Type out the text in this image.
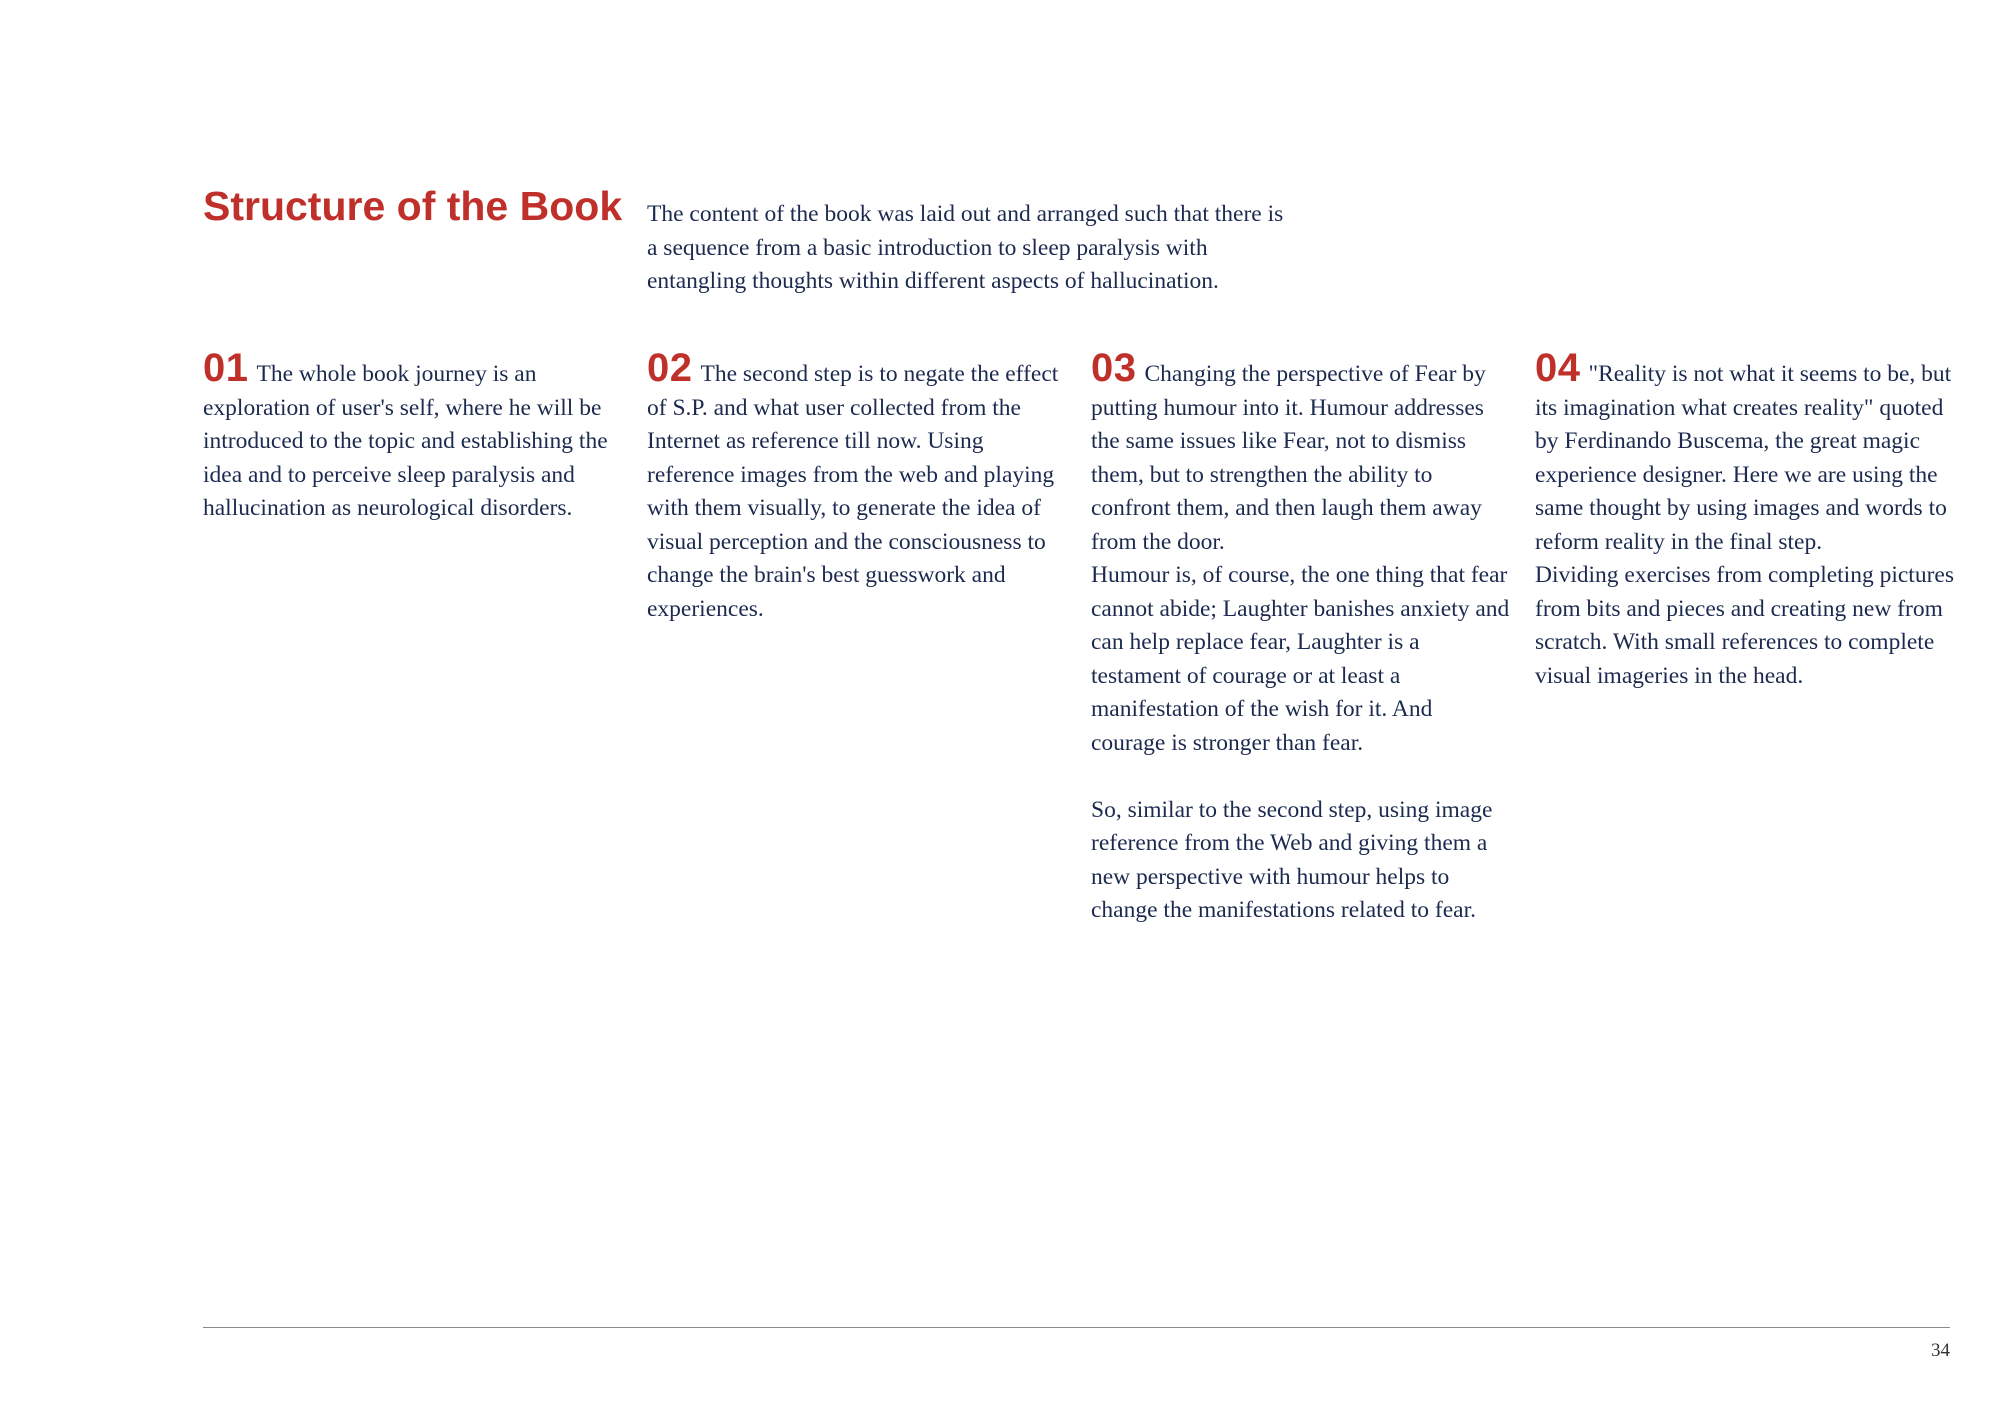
Structure of the Book The content of the book was laid out and arranged such that there is a sequence from a basic introduction to sleep paralysis with entangling thoughts within different aspects of hallucination.

01 The whole book journey is an exploration of user's self, where he will be introduced to the topic and establishing the idea and to perceive sleep paralysis and hallucination as neurological disorders.

02 The second step is to negate the effect of S.P. and what user collected from the Internet as reference till now. Using reference images from the web and playing with them visually, to generate the idea of visual perception and the consciousness to change the brain's best guesswork and experiences.

03 Changing the perspective of Fear by putting humour into it. Humour addresses the same issues like Fear, not to dismiss them, but to strengthen the ability to confront them, and then laugh them away from the door.

Humour is, of course, the one thing that fear cannot abide; Laughter banishes anxiety and can help replace fear, Laughter is a testament of courage or at least a manifestation of the wish for it. And courage is stronger than fear.

So, similar to the second step, using image reference from the Web and giving them a new perspective with humour helps to change the manifestations related to fear.

04 "Reality is not what it seems to be, but its imagination what creates reality" quoted by Ferdinando Buscema, the great magic experience designer. Here we are using the same thought by using images and words to reform reality in the final step.

Dividing exercises from completing pictures from bits and pieces and creating new from scratch. With small references to complete visual imageries in the head.

34
